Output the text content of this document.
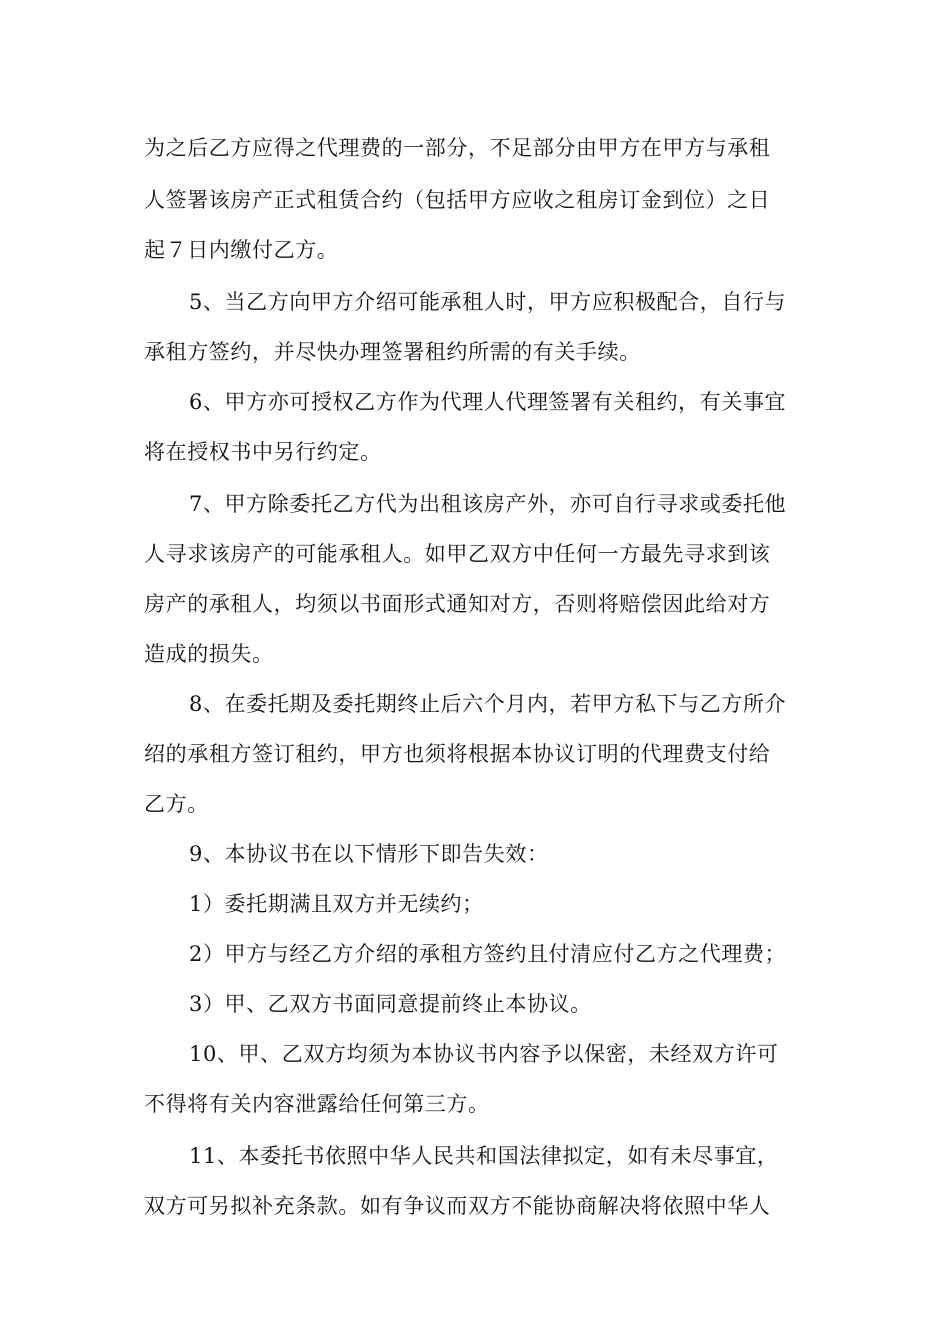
为之后乙方应得之代理费的一部分，不足部分由甲方在甲方与承租
人签署该房产正式租赁合约（包括甲方应收之租房订金到位）之日
起７日内缴付乙方。
5、当乙方向甲方介绍可能承租人时，甲方应积极配合，自行与
承租方签约，并尽快办理签署租约所需的有关手续。
6、甲方亦可授权乙方作为代理人代理签署有关租约，有关事宜
将在授权书中另行约定。
7、甲方除委托乙方代为出租该房产外，亦可自行寻求或委托他
人寻求该房产的可能承租人。如甲乙双方中任何一方最先寻求到该
房产的承租人，均须以书面形式通知对方，否则将赔偿因此给对方
造成的损失。
8、在委托期及委托期终止后六个月内，若甲方私下与乙方所介
绍的承租方签订租约，甲方也须将根据本协议订明的代理费支付给
乙方。
9、本协议书在以下情形下即告失效：
1）委托期满且双方并无续约；
2）甲方与经乙方介绍的承租方签约且付清应付乙方之代理费；
3）甲、乙双方书面同意提前终止本协议。
10、甲、乙双方均须为本协议书内容予以保密，未经双方许可
不得将有关内容泄露给任何第三方。
11、本委托书依照中华人民共和国法律拟定，如有未尽事宜，
双方可另拟补充条款。如有争议而双方不能协商解决将依照中华人
